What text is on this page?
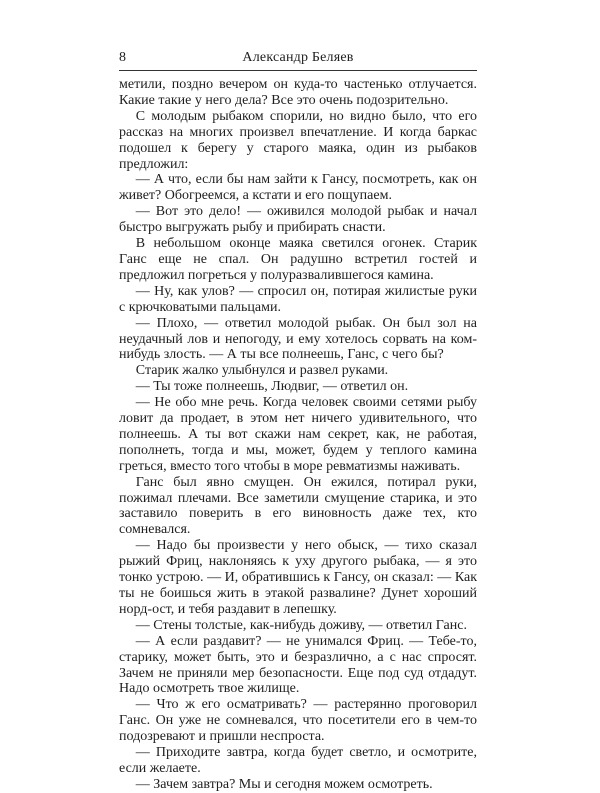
8	Александр Беляев

метили, поздно вечером он куда-то частенько отлучается. Какие такие у него дела? Все это очень подозрительно.

С молодым рыбаком спорили, но видно было, что его рассказ на многих произвел впечатление. И когда баркас подошел к берегу у старого маяка, один из рыбаков предложил:

— А что, если бы нам зайти к Гансу, посмотреть, как он живет? Обогреемся, а кстати и его пощупаем.

— Вот это дело! — оживился молодой рыбак и начал быстро выгружать рыбу и прибирать снасти.

В небольшом оконце маяка светился огонек. Старик Ганс еще не спал. Он радушно встретил гостей и предложил погреться у полуразвалившегося камина.

— Ну, как улов? — спросил он, потирая жилистые руки с крючковатыми пальцами.

— Плохо, — ответил молодой рыбак. Он был зол на неудачный лов и непогоду, и ему хотелось сорвать на ком-нибудь злость. — А ты все полнеешь, Ганс, с чего бы?

Старик жалко улыбнулся и развел руками.

— Ты тоже полнеешь, Людвиг, — ответил он.

— Не обо мне речь. Когда человек своими сетями рыбу ловит да продает, в этом нет ничего удивительного, что полнеешь. А ты вот скажи нам секрет, как, не работая, пополнеть, тогда и мы, может, будем у теплого камина греться, вместо того чтобы в море ревматизмы наживать.

Ганс был явно смущен. Он ежился, потирал руки, пожимал плечами. Все заметили смущение старика, и это заставило поверить в его виновность даже тех, кто сомневался.

— Надо бы произвести у него обыск, — тихо сказал рыжий Фриц, наклоняясь к уху другого рыбака, — я это тонко устрою. — И, обратившись к Гансу, он сказал: — Как ты не боишься жить в этакой развалине? Дунет хороший норд-ост, и тебя раздавит в лепешку.

— Стены толстые, как-нибудь доживу, — ответил Ганс.

— А если раздавит? — не унимался Фриц. — Тебе-то, старику, может быть, это и безразлично, а с нас спросят. Зачем не приняли мер безопасности. Еще под суд отдадут. Надо осмотреть твое жилище.

— Что ж его осматривать? — растерянно проговорил Ганс. Он уже не сомневался, что посетители его в чем-то подозревают и пришли неспроста.

— Приходите завтра, когда будет светло, и осмотрите, если желаете.

— Зачем завтра? Мы и сегодня можем осмотреть.
